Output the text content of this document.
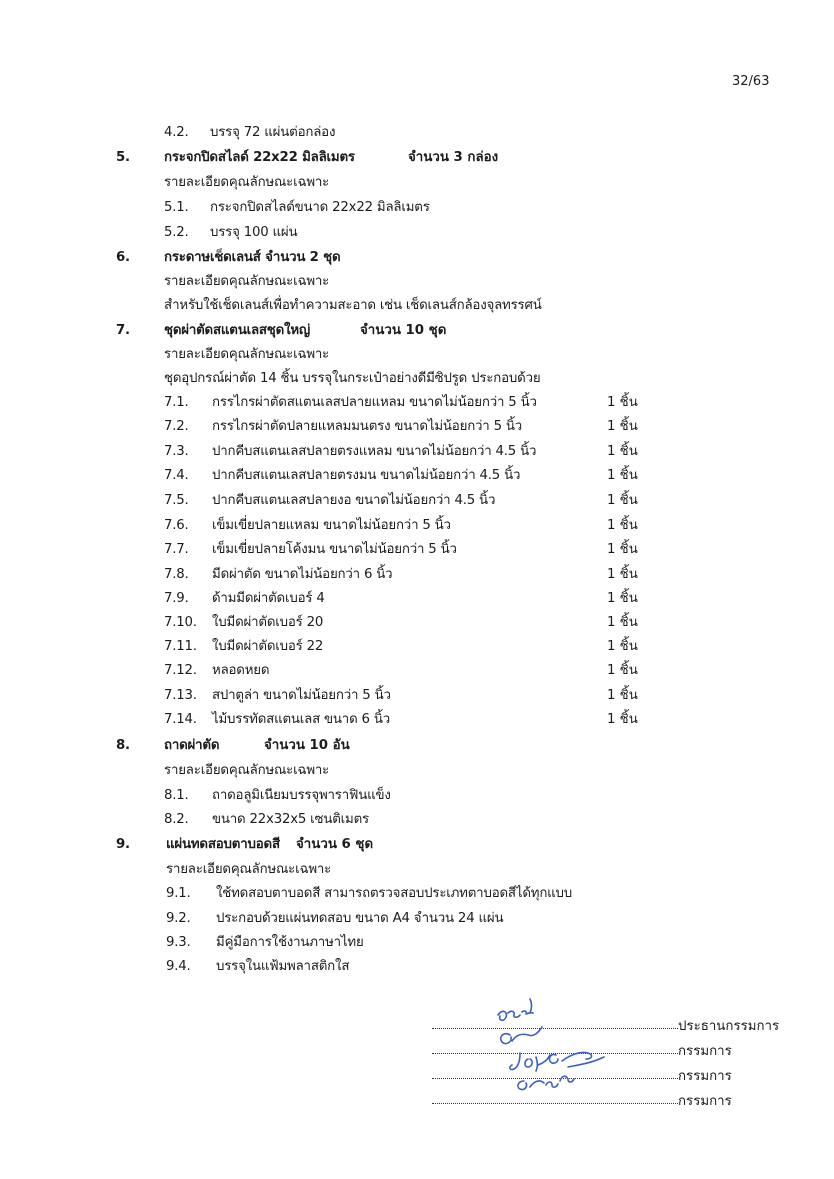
32/63
4.2. บรรจุ 72 แผ่นต่อกล่อง
5.	กระจกปิดสไลด์ 22x22 มิลลิเมตร	จำนวน 3 กล่อง
รายละเอียดคุณลักษณะเฉพาะ
5.1. กระจกปิดสไลด์ขนาด 22x22 มิลลิเมตร
5.2. บรรจุ 100 แผ่น
6.	กระดาษเช็ดเลนส์ จำนวน 2 ชุด
รายละเอียดคุณลักษณะเฉพาะ
สำหรับใช้เช็ดเลนส์เพื่อทำความสะอาด เช่น เช็ดเลนส์กล้องจุลทรรศน์
7.	ชุดผ่าตัดสแตนเลสชุดใหญ่	จำนวน 10 ชุด
รายละเอียดคุณลักษณะเฉพาะ
ชุดอุปกรณ์ผ่าตัด 14 ชิ้น บรรจุในกระเป๋าอย่างดีมีซิปรูด ประกอบด้วย
7.1. กรรไกรผ่าตัดสแตนเลสปลายแหลม ขนาดไม่น้อยกว่า 5 นิ้ว	1 ชิ้น
7.2. กรรไกรผ่าตัดปลายแหลมมนตรง ขนาดไม่น้อยกว่า 5 นิ้ว	1 ชิ้น
7.3. ปากคีบสแตนเลสปลายตรงแหลม ขนาดไม่น้อยกว่า 4.5 นิ้ว	1 ชิ้น
7.4. ปากคีบสแตนเลสปลายตรงมน ขนาดไม่น้อยกว่า 4.5 นิ้ว	1 ชิ้น
7.5. ปากคีบสแตนเลสปลายงอ ขนาดไม่น้อยกว่า 4.5 นิ้ว	1 ชิ้น
7.6. เข็มเขี่ยปลายแหลม ขนาดไม่น้อยกว่า 5 นิ้ว	1 ชิ้น
7.7. เข็มเขี่ยปลายโค้งมน ขนาดไม่น้อยกว่า 5 นิ้ว	1 ชิ้น
7.8. มีดผ่าตัด ขนาดไม่น้อยกว่า 6 นิ้ว	1 ชิ้น
7.9. ด้ามมีดผ่าตัดเบอร์ 4	1 ชิ้น
7.10. ใบมีดผ่าตัดเบอร์ 20	1 ชิ้น
7.11. ใบมีดผ่าตัดเบอร์ 22	1 ชิ้น
7.12. หลอดหยด	1 ชิ้น
7.13. สปาตูล่า ขนาดไม่น้อยกว่า 5 นิ้ว	1 ชิ้น
7.14. ไม้บรรทัดสแตนเลส ขนาด 6 นิ้ว	1 ชิ้น
8.	ถาดผ่าตัด	จำนวน 10 อัน
รายละเอียดคุณลักษณะเฉพาะ
8.1. ถาดอลูมิเนียมบรรจุพาราฟินแข็ง
8.2. ขนาด 22x32x5 เซนติเมตร
9.	แผ่นทดสอบตาบอดสี จำนวน 6 ชุด
รายละเอียดคุณลักษณะเฉพาะ
9.1. ใช้ทดสอบตาบอดสี สามารถตรวจสอบประเภทตาบอดสีได้ทุกแบบ
9.2. ประกอบด้วยแผ่นทดสอบ ขนาด A4 จำนวน 24 แผ่น
9.3. มีคู่มือการใช้งานภาษาไทย
9.4. บรรจุในแฟ้มพลาสติกใส
ประธานกรรมการ
กรรมการ
กรรมการ
กรรมการ
